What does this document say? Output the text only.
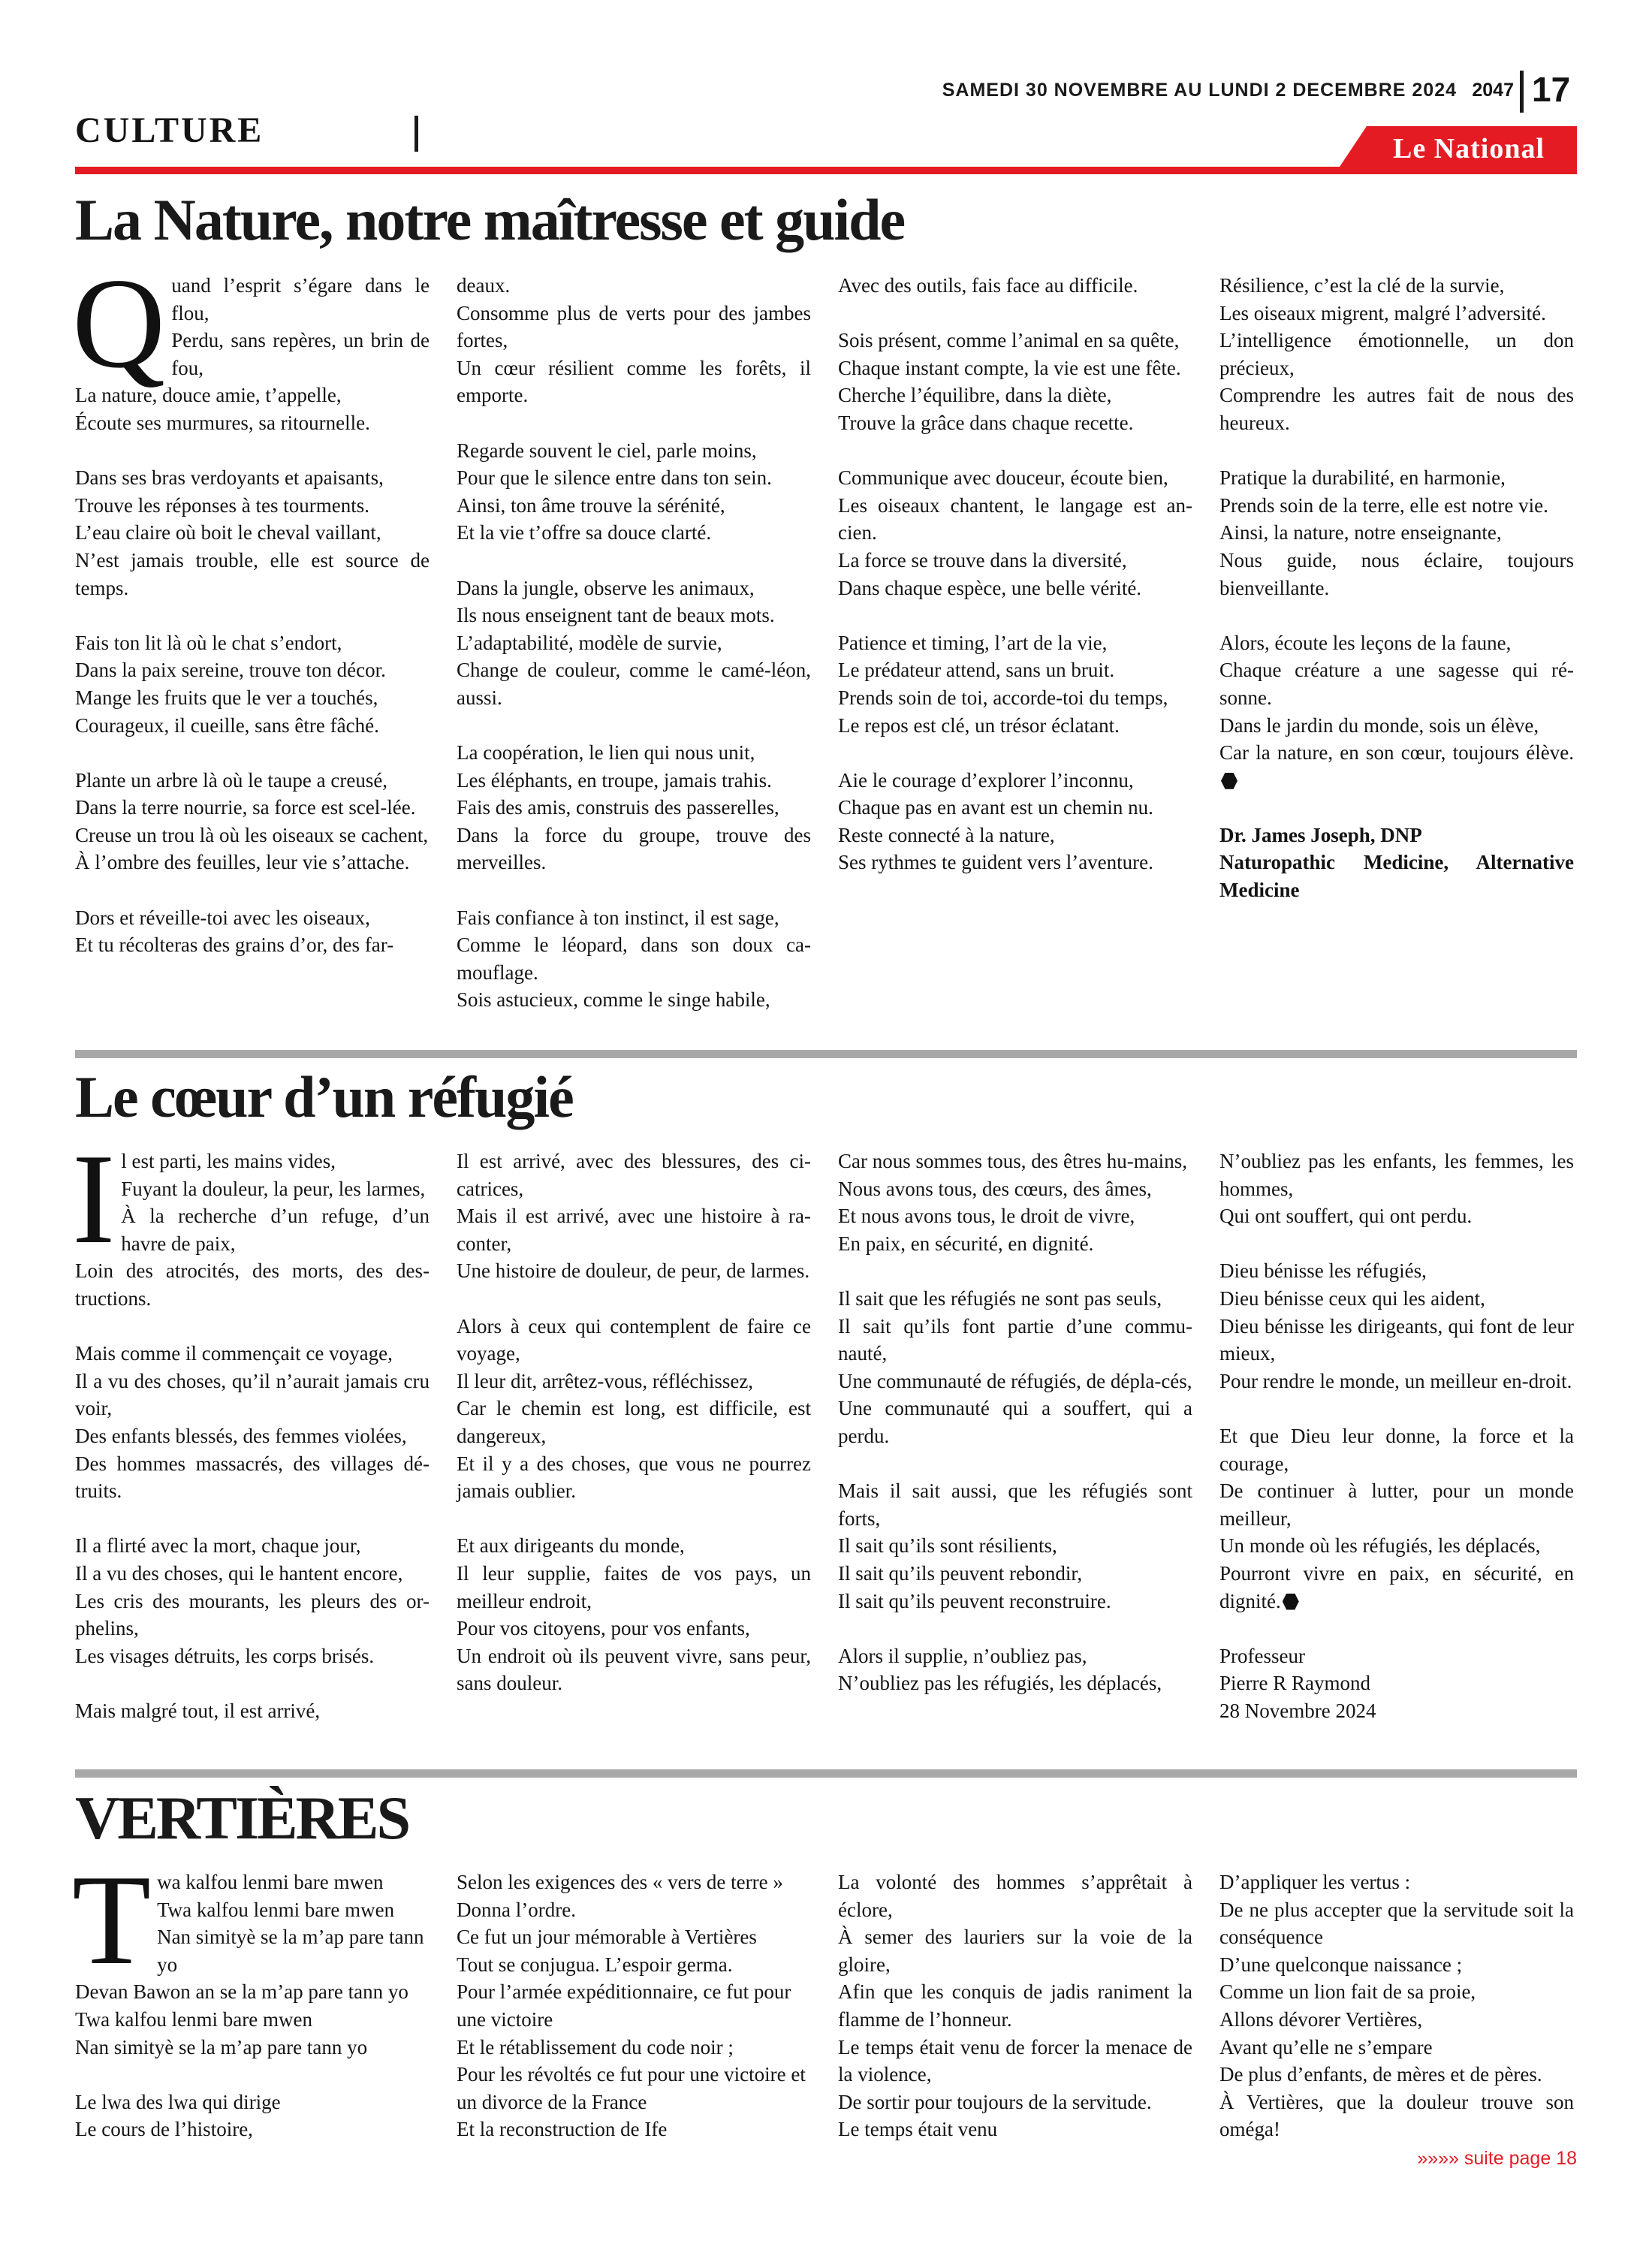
SAMEDI 30 NOVEMBRE AU LUNDI 2 DECEMBRE 2024 2047 17
CULTURE	Le National
La Nature, notre maîtresse et guide
Q uand l’esprit s’égare dans le flou,
Perdu, sans repères, un brin de fou,
La nature, douce amie, t’appelle,
Écoute ses murmures, sa ritournelle.

Dans ses bras verdoyants et apaisants,
Trouve les réponses à tes tourments.
L’eau claire où boit le cheval vaillant,
N’est jamais trouble, elle est source de temps.

Fais ton lit là où le chat s’endort,
Dans la paix sereine, trouve ton décor.
Mange les fruits que le ver a touchés,
Courageux, il cueille, sans être fâché.

Plante un arbre là où le taupe a creusé,
Dans la terre nourrie, sa force est scel-lée.
Creuse un trou là où les oiseaux se cachent,
À l’ombre des feuilles, leur vie s’attache.

Dors et réveille-toi avec les oiseaux,
Et tu récolteras des grains d’or, des far-

deaux.
Consomme plus de verts pour des jambes fortes,
Un cœur résilient comme les forêts, il emporte.

Regarde souvent le ciel, parle moins,
Pour que le silence entre dans ton sein.
Ainsi, ton âme trouve la sérénité,
Et la vie t’offre sa douce clarté.

Dans la jungle, observe les animaux,
Ils nous enseignent tant de beaux mots.
L’adaptabilité, modèle de survie,
Change de couleur, comme le camé-léon, aussi.

La coopération, le lien qui nous unit,
Les éléphants, en troupe, jamais trahis.
Fais des amis, construis des passerelles,
Dans la force du groupe, trouve des merveilles.

Fais confiance à ton instinct, il est sage,
Comme le léopard, dans son doux ca-mouflage.
Sois astucieux, comme le singe habile,

Avec des outils, fais face au difficile.

Sois présent, comme l’animal en sa quête,
Chaque instant compte, la vie est une fête.
Cherche l’équilibre, dans la diète,
Trouve la grâce dans chaque recette.

Communique avec douceur, écoute bien,
Les oiseaux chantent, le langage est an-cien.
La force se trouve dans la diversité,
Dans chaque espèce, une belle vérité.

Patience et timing, l’art de la vie,
Le prédateur attend, sans un bruit.
Prends soin de toi, accorde-toi du temps,
Le repos est clé, un trésor éclatant.

Aie le courage d’explorer l’inconnu,
Chaque pas en avant est un chemin nu.
Reste connecté à la nature,
Ses rythmes te guident vers l’aventure.

Résilience, c’est la clé de la survie,
Les oiseaux migrent, malgré l’adversité.
L’intelligence émotionnelle, un don précieux,
Comprendre les autres fait de nous des heureux.

Pratique la durabilité, en harmonie,
Prends soin de la terre, elle est notre vie.
Ainsi, la nature, notre enseignante,
Nous guide, nous éclaire, toujours bienveillante.

Alors, écoute les leçons de la faune,
Chaque créature a une sagesse qui ré-sonne.
Dans le jardin du monde, sois un élève,
Car la nature, en son cœur, toujours élève.

Dr. James Joseph, DNP
Naturopathic Medicine, Alternative Medicine

Le cœur d’un réfugié
I l est parti, les mains vides,
Fuyant la douleur, la peur, les larmes,
À la recherche d’un refuge, d’un havre de paix,
Loin des atrocités, des morts, des des-tructions.

Mais comme il commençait ce voyage,
Il a vu des choses, qu’il n’aurait jamais cru voir,
Des enfants blessés, des femmes violées,
Des hommes massacrés, des villages dé-truits.

Il a flirté avec la mort, chaque jour,
Il a vu des choses, qui le hantent encore,
Les cris des mourants, les pleurs des or-phelins,
Les visages détruits, les corps brisés.

Mais malgré tout, il est arrivé,

Il est arrivé, avec des blessures, des ci-catrices,
Mais il est arrivé, avec une histoire à ra-conter,
Une histoire de douleur, de peur, de larmes.

Alors à ceux qui contemplent de faire ce voyage,
Il leur dit, arrêtez-vous, réfléchissez,
Car le chemin est long, est difficile, est dangereux,
Et il y a des choses, que vous ne pourrez jamais oublier.

Et aux dirigeants du monde,
Il leur supplie, faites de vos pays, un meilleur endroit,
Pour vos citoyens, pour vos enfants,
Un endroit où ils peuvent vivre, sans peur, sans douleur.

Car nous sommes tous, des êtres hu-mains,
Nous avons tous, des cœurs, des âmes,
Et nous avons tous, le droit de vivre,
En paix, en sécurité, en dignité.

Il sait que les réfugiés ne sont pas seuls,
Il sait qu’ils font partie d’une commu-nauté,
Une communauté de réfugiés, de dépla-cés,
Une communauté qui a souffert, qui a perdu.

Mais il sait aussi, que les réfugiés sont forts,
Il sait qu’ils sont résilients,
Il sait qu’ils peuvent rebondir,
Il sait qu’ils peuvent reconstruire.

Alors il supplie, n’oubliez pas,
N’oubliez pas les réfugiés, les déplacés,

N’oubliez pas les enfants, les femmes, les hommes,
Qui ont souffert, qui ont perdu.

Dieu bénisse les réfugiés,
Dieu bénisse ceux qui les aident,
Dieu bénisse les dirigeants, qui font de leur mieux,
Pour rendre le monde, un meilleur en-droit.

Et que Dieu leur donne, la force et la courage,
De continuer à lutter, pour un monde meilleur,
Un monde où les réfugiés, les déplacés,
Pourront vivre en paix, en sécurité, en dignité.

Professeur
Pierre R Raymond
28 Novembre 2024

VERTIÈRES
T wa kalfou lenmi bare mwen
Twa kalfou lenmi bare mwen
Nan simityè se la m’ap pare tann yo
Devan Bawon an se la m’ap pare tann yo
Twa kalfou lenmi bare mwen
Nan simityè se la m’ap pare tann yo

Le lwa des lwa qui dirige
Le cours de l’histoire,

Selon les exigences des « vers de terre »
Donna l’ordre.
Ce fut un jour mémorable à Vertières
Tout se conjugua. L’espoir germa.
Pour l’armée expéditionnaire, ce fut pour une victoire
Et le rétablissement du code noir ;
Pour les révoltés ce fut pour une victoire et un divorce de la France
Et la reconstruction de Ife

La volonté des hommes s’apprêtait à éclore,
À semer des lauriers sur la voie de la gloire,
Afin que les conquis de jadis raniment la flamme de l’honneur.
Le temps était venu de forcer la menace de la violence,
De sortir pour toujours de la servitude.
Le temps était venu

D’appliquer les vertus :
De ne plus accepter que la servitude soit la conséquence
D’une quelconque naissance ;
Comme un lion fait de sa proie,
Allons dévorer Vertières,
Avant qu’elle ne s’empare
De plus d’enfants, de mères et de pères.
À Vertières, que la douleur trouve son oméga!

»»»» suite page 18
